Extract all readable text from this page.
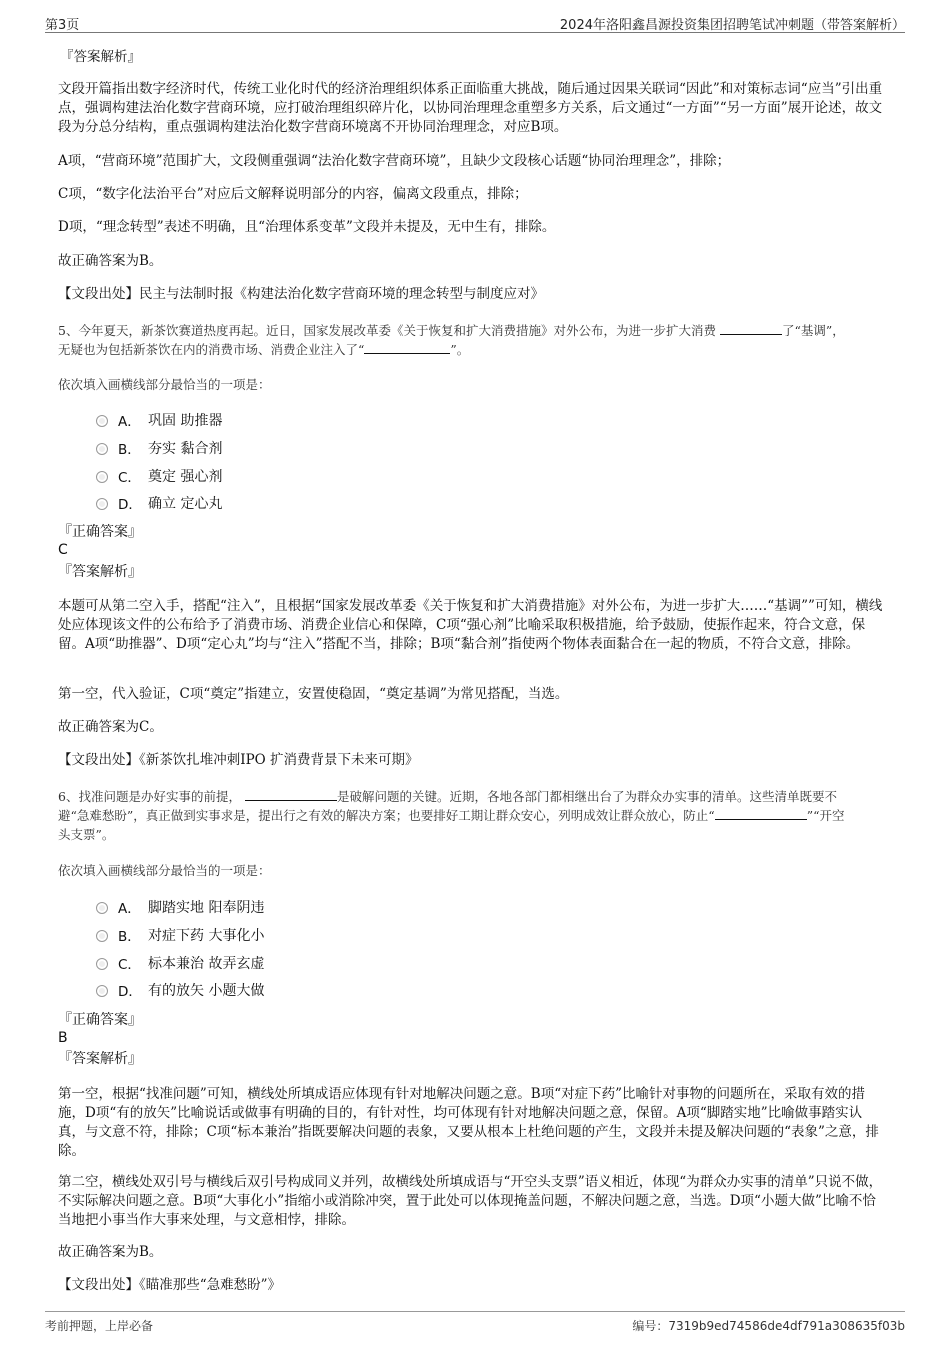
第3页	2024年洛阳鑫昌源投资集团招聘笔试冲刺题（带答案解析）
『答案解析』
文段开篇指出数字经济时代，传统工业化时代的经济治理组织体系正面临重大挑战，随后通过因果关联词“因此”和对策标志词“应当”引出重点，强调构建法治化数字营商环境，应打破治理组织碎片化，以协同治理理念重塑多方关系，后文通过“一方面”“另一方面”展开论述，故文段为分总分结构，重点强调构建法治化数字营商环境离不开协同治理理念，对应B项。
A项，“营商环境”范围扩大，文段侧重强调“法治化数字营商环境”，且缺少文段核心话题“协同治理理念”，排除；
C项，“数字化法治平台”对应后文解释说明部分的内容，偏离文段重点，排除；
D项，“理念转型”表述不明确，且“治理体系变革”文段并未提及，无中生有，排除。
故正确答案为B。
【文段出处】民主与法制时报《构建法治化数字营商环境的理念转型与制度应对》
5、今年夏天，新茶饮赛道热度再起。近日，国家发展改革委《关于恢复和扩大消费措施》对外公布，为进一步扩大消费	了“基调”，
无疑也为包括新茶饮在内的消费市场、消费企业注入了“	”。
依次填入画横线部分最恰当的一项是：
A． 巩固 助推器
B． 夯实 黏合剂
C． 奠定 强心剂
D． 确立 定心丸
『正确答案』
C
『答案解析』
本题可从第二空入手，搭配“注入”，且根据“国家发展改革委《关于恢复和扩大消费措施》对外公布，为进一步扩大……“基调””可知，横线处应体现该文件的公布给予了消费市场、消费企业信心和保障，C项“强心剂”比喻采取积极措施，给予鼓励，使振作起来，符合文意，保留。A项“助推器”、D项“定心丸”均与“注入”搭配不当，排除；B项“黏合剂”指使两个物体表面黏合在一起的物质，不符合文意，排除。
第一空，代入验证，C项“奠定”指建立，安置使稳固，“奠定基调”为常见搭配，当选。
故正确答案为C。
【文段出处】《新茶饮扎堆冲刺IPO 扩消费背景下未来可期》
6、找准问题是办好实事的前提，	是破解问题的关键。近期，各地各部门都相继出台了为群众办实事的清单。这些清单既要不
避“急难愁盼”，真正做到实事求是，提出行之有效的解决方案；也要排好工期让群众安心，列明成效让群众放心，防止“	”“开空
头支票”。
依次填入画横线部分最恰当的一项是：
A． 脚踏实地 阳奉阴违
B． 对症下药 大事化小
C． 标本兼治 故弄玄虚
D． 有的放矢 小题大做
『正确答案』
B
『答案解析』
第一空，根据“找准问题”可知，横线处所填成语应体现有针对地解决问题之意。B项“对症下药”比喻针对事物的问题所在，采取有效的措施，D项“有的放矢”比喻说话或做事有明确的目的，有针对性，均可体现有针对地解决问题之意，保留。A项“脚踏实地”比喻做事踏实认真，与文意不符，排除；C项“标本兼治”指既要解决问题的表象，又要从根本上杜绝问题的产生，文段并未提及解决问题的“表象”之意，排除。
第二空，横线处双引号与横线后双引号构成同义并列，故横线处所填成语与“开空头支票”语义相近，体现“为群众办实事的清单”只说不做，不实际解决问题之意。B项“大事化小”指缩小或消除冲突，置于此处可以体现掩盖问题，不解决问题之意，当选。D项“小题大做”比喻不恰当地把小事当作大事来处理，与文意相悖，排除。
故正确答案为B。
【文段出处】《瞄准那些“急难愁盼”》
考前押题，上岸必备	编号：7319b9ed74586de4df791a308635f03b
